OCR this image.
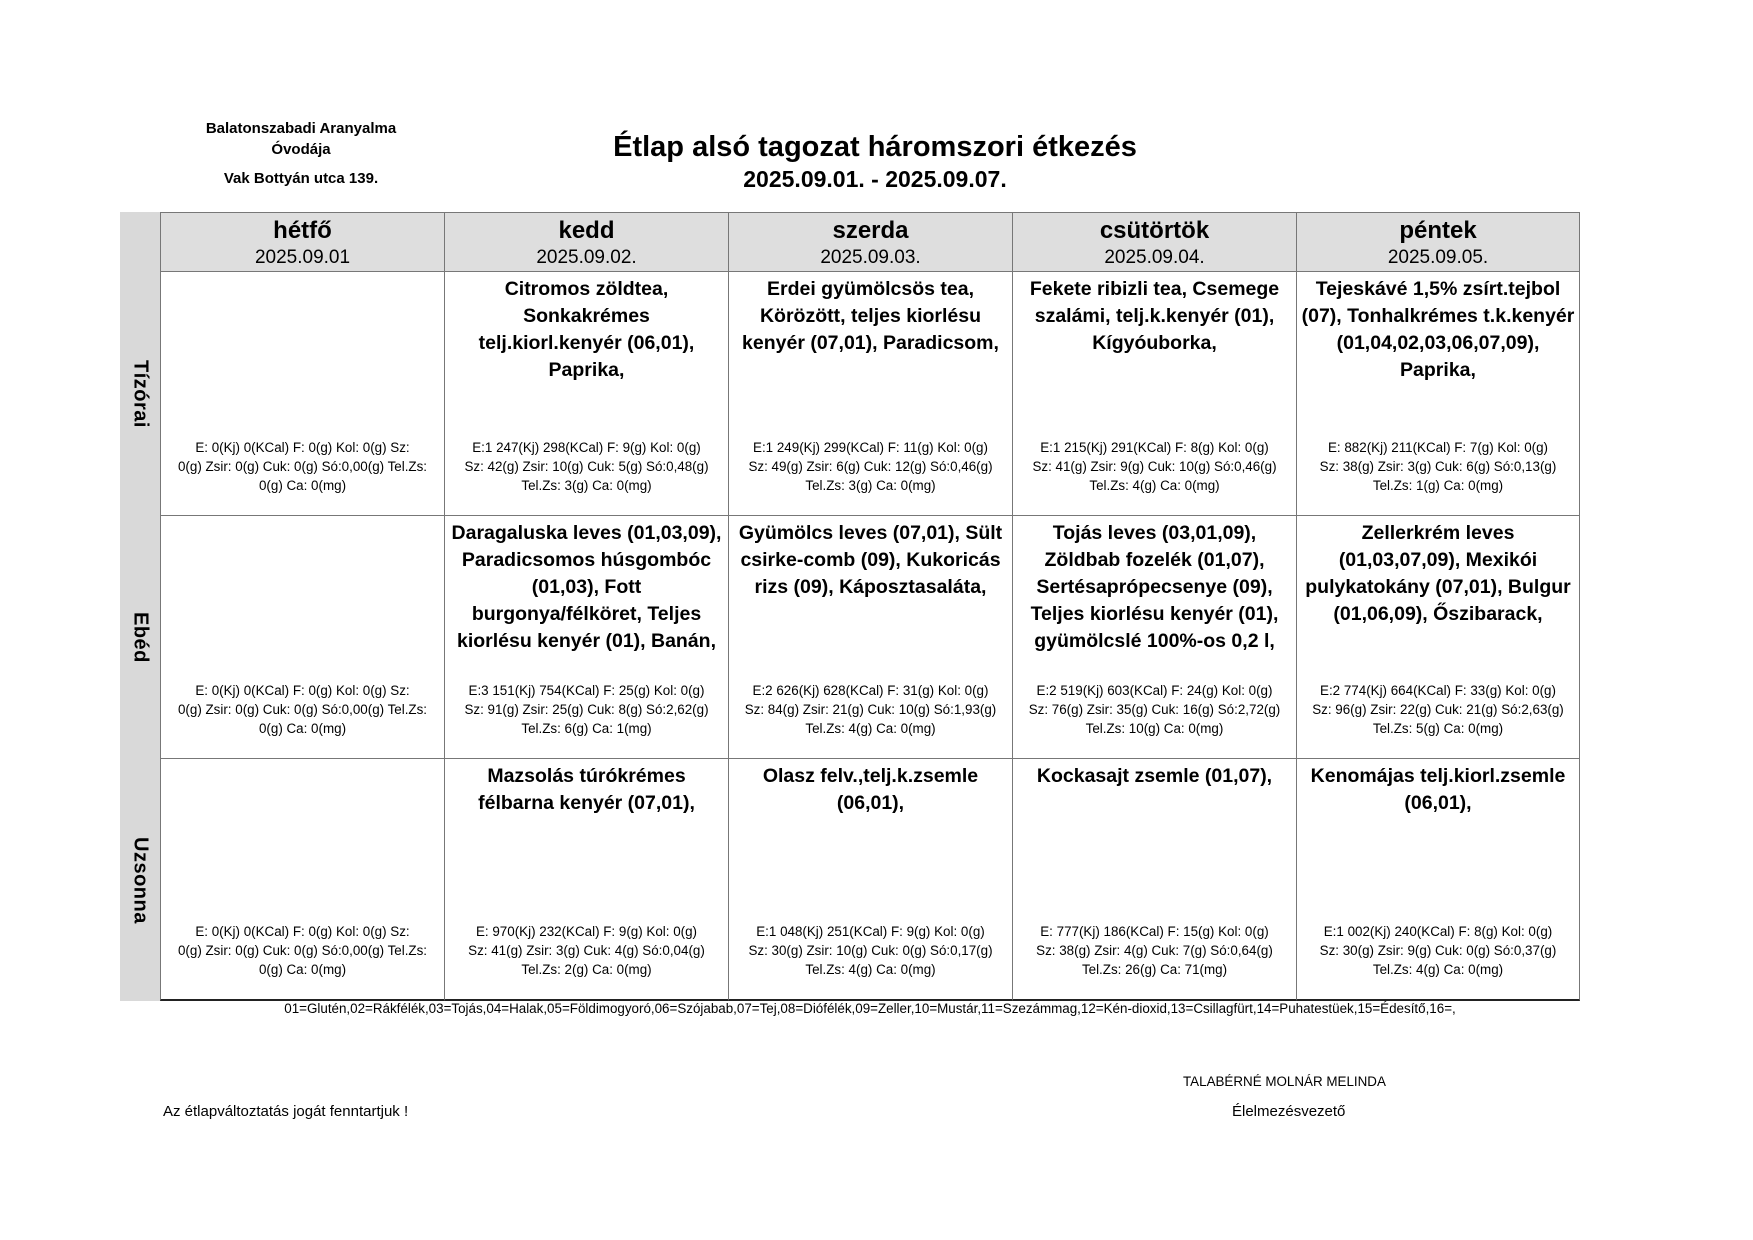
Balatonszabadi Aranyalma
Óvodája
Vak Bottyán utca 139.
Étlap alsó tagozat háromszori étkezés
2025.09.01. - 2025.09.07.
hétfő
2025.09.01
kedd
2025.09.02.
szerda
2025.09.03.
csütörtök
2025.09.04.
péntek
2025.09.05.
Tízórai
E: 0(Kj) 0(KCal) F: 0(g) Kol: 0(g) Sz:
0(g) Zsir: 0(g) Cuk: 0(g) Só:0,00(g) Tel.Zs:
0(g) Ca: 0(mg)
Citromos zöldtea, Sonkakrémes telj.kiorl.kenyér (06,01), Paprika,
E:1 247(Kj) 298(KCal) F: 9(g) Kol: 0(g)
Sz: 42(g) Zsir: 10(g) Cuk: 5(g) Só:0,48(g)
Tel.Zs: 3(g) Ca: 0(mg)
Erdei gyümölcsös tea, Körözött, teljes kiorlésu kenyér (07,01), Paradicsom,
E:1 249(Kj) 299(KCal) F: 11(g) Kol: 0(g)
Sz: 49(g) Zsir: 6(g) Cuk: 12(g) Só:0,46(g)
Tel.Zs: 3(g) Ca: 0(mg)
Fekete ribizli tea, Csemege szalámi, telj.k.kenyér (01), Kígyóuborka,
E:1 215(Kj) 291(KCal) F: 8(g) Kol: 0(g)
Sz: 41(g) Zsir: 9(g) Cuk: 10(g) Só:0,46(g)
Tel.Zs: 4(g) Ca: 0(mg)
Tejeskávé 1,5% zsírt.tejbol (07), Tonhalkrémes t.k.kenyér (01,04,02,03,06,07,09), Paprika,
E: 882(Kj) 211(KCal) F: 7(g) Kol: 0(g)
Sz: 38(g) Zsir: 3(g) Cuk: 6(g) Só:0,13(g)
Tel.Zs: 1(g) Ca: 0(mg)
Ebéd
E: 0(Kj) 0(KCal) F: 0(g) Kol: 0(g) Sz:
0(g) Zsir: 0(g) Cuk: 0(g) Só:0,00(g) Tel.Zs:
0(g) Ca: 0(mg)
Daragaluska leves (01,03,09), Paradicsomos húsgombóc (01,03), Fott burgonya/félköret, Teljes kiorlésu kenyér (01), Banán,
E:3 151(Kj) 754(KCal) F: 25(g) Kol: 0(g)
Sz: 91(g) Zsir: 25(g) Cuk: 8(g) Só:2,62(g)
Tel.Zs: 6(g) Ca: 1(mg)
Gyümölcs leves (07,01), Sült csirke-comb (09), Kukoricás rizs (09), Káposztasaláta,
E:2 626(Kj) 628(KCal) F: 31(g) Kol: 0(g)
Sz: 84(g) Zsir: 21(g) Cuk: 10(g) Só:1,93(g)
Tel.Zs: 4(g) Ca: 0(mg)
Tojás leves (03,01,09), Zöldbab fozelék (01,07), Sertésaprópecsenye (09), Teljes kiorlésu kenyér (01), gyümölcslé 100%-os 0,2 l,
E:2 519(Kj) 603(KCal) F: 24(g) Kol: 0(g)
Sz: 76(g) Zsir: 35(g) Cuk: 16(g) Só:2,72(g)
Tel.Zs: 10(g) Ca: 0(mg)
Zellerkrém leves (01,03,07,09), Mexikói pulykatokány (07,01), Bulgur (01,06,09), Őszibarack,
E:2 774(Kj) 664(KCal) F: 33(g) Kol: 0(g)
Sz: 96(g) Zsir: 22(g) Cuk: 21(g) Só:2,63(g)
Tel.Zs: 5(g) Ca: 0(mg)
Uzsonna
E: 0(Kj) 0(KCal) F: 0(g) Kol: 0(g) Sz:
0(g) Zsir: 0(g) Cuk: 0(g) Só:0,00(g) Tel.Zs:
0(g) Ca: 0(mg)
Mazsolás túrókrémes félbarna kenyér (07,01),
E: 970(Kj) 232(KCal) F: 9(g) Kol: 0(g)
Sz: 41(g) Zsir: 3(g) Cuk: 4(g) Só:0,04(g)
Tel.Zs: 2(g) Ca: 0(mg)
Olasz felv.,telj.k.zsemle (06,01),
E:1 048(Kj) 251(KCal) F: 9(g) Kol: 0(g)
Sz: 30(g) Zsir: 10(g) Cuk: 0(g) Só:0,17(g)
Tel.Zs: 4(g) Ca: 0(mg)
Kockasajt zsemle (01,07),
E: 777(Kj) 186(KCal) F: 15(g) Kol: 0(g)
Sz: 38(g) Zsir: 4(g) Cuk: 7(g) Só:0,64(g)
Tel.Zs: 26(g) Ca: 71(mg)
Kenomájas telj.kiorl.zsemle (06,01),
E:1 002(Kj) 240(KCal) F: 8(g) Kol: 0(g)
Sz: 30(g) Zsir: 9(g) Cuk: 0(g) Só:0,37(g)
Tel.Zs: 4(g) Ca: 0(mg)
01=Glutén,02=Rákfélék,03=Tojás,04=Halak,05=Földimogyoró,06=Szójabab,07=Tej,08=Diófélék,09=Zeller,10=Mustár,11=Szezámmag,12=Kén-dioxid,13=Csillagfürt,14=Puhatestüek,15=Édesítő,16=,
Az étlapváltoztatás jogát fenntartjuk !
TALABÉRNÉ MOLNÁR MELINDA
Élelmezésvezető
